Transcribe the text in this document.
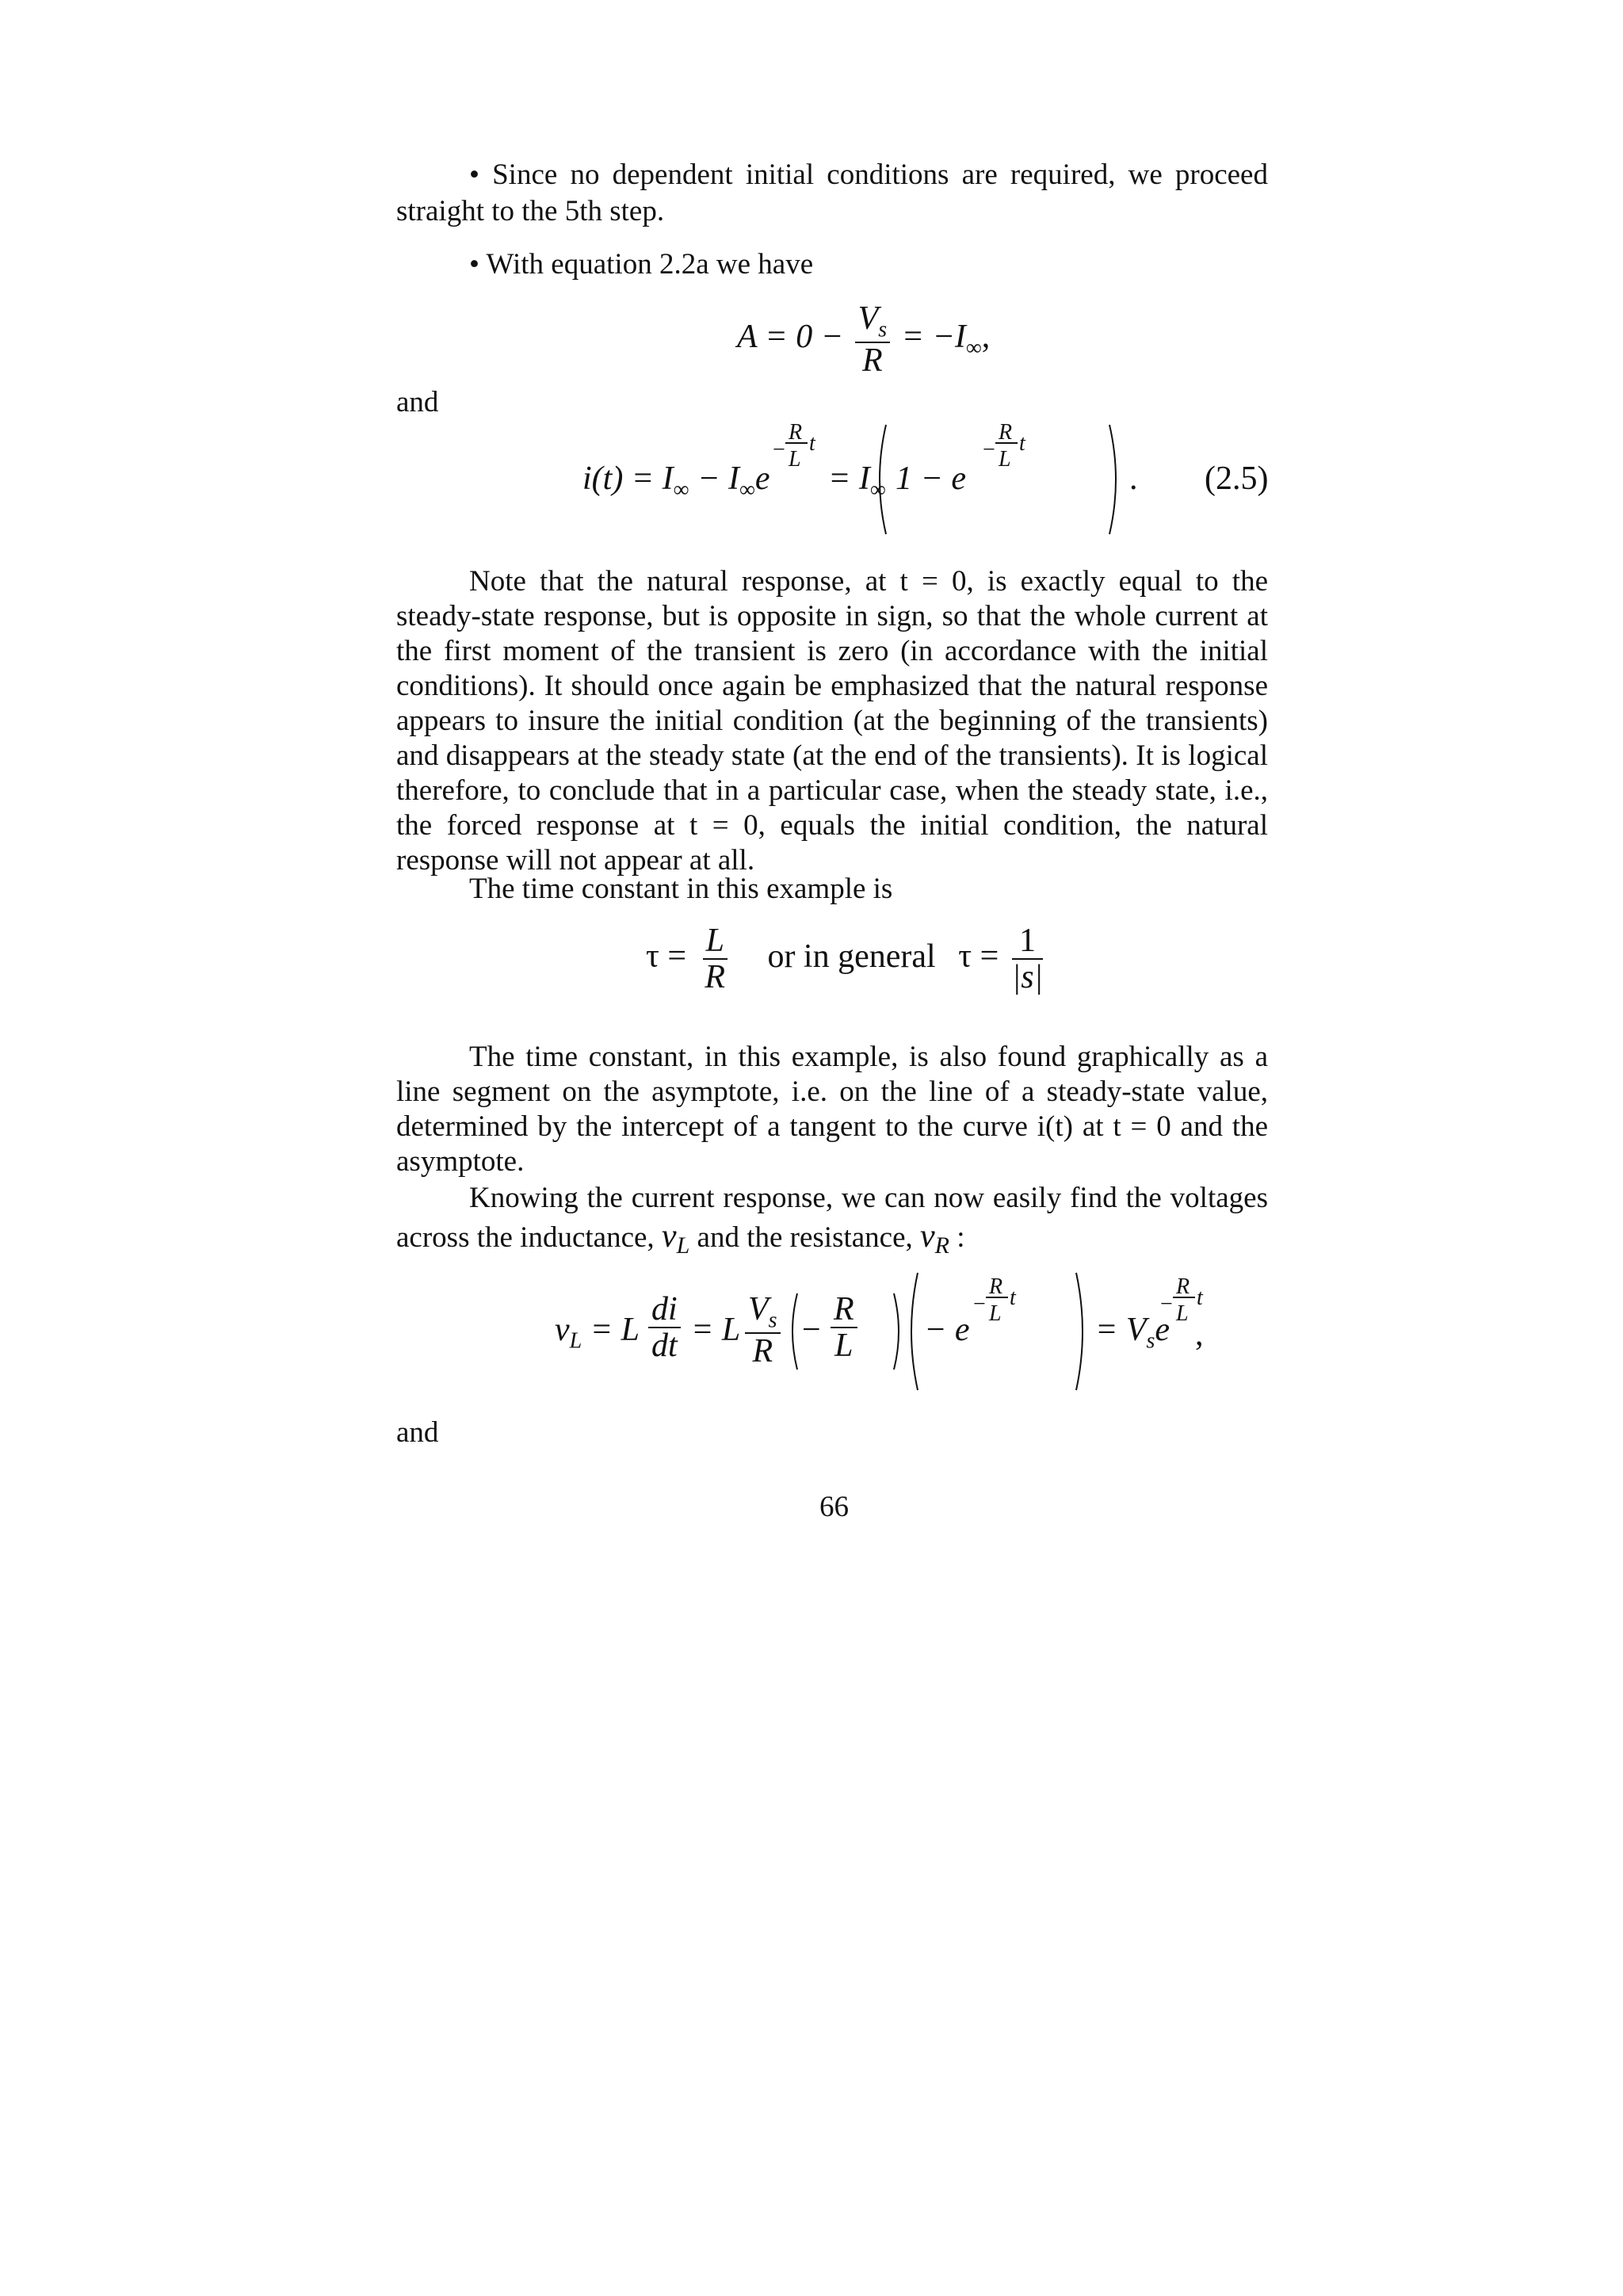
• Since no dependent initial conditions are required, we proceed straight to the 5th step.

• With equation 2.2a we have

$A = 0 - \frac{V_s}{R} = -I_\infty$,
and
$i(t) = I_\infty - I_\infty e$
R
− t
L
= $I_\infty$ 1 − e
R
− t
L
. (2.5)

Note that the natural response, at t = 0, is exactly equal to the steady-state response, but is opposite in sign, so that the whole current at the first moment of the transient is zero (in accordance with the initial conditions). It should once again be emphasized that the natural response appears to insure the initial condition (at the beginning of the transients) and disappears at the steady state (at the end of the transients). It is logical therefore, to conclude that in a particular case, when the steady state, i.e., the forced response at t = 0, equals the initial condition, the natural response will not appear at all.

The time constant in this example is

$\tau = \frac{L}{R}$ or in general $\tau = \frac{1}{|s|}$

The time constant, in this example, is also found graphically as a line segment on the asymptote, i.e. on the line of a steady-state value, determined by the intercept of a tangent to the curve i(t) at t = 0 and the asymptote.

Knowing the current response, we can now easily find the voltages across the inductance, $v_L$ and the resistance, $v_R$ :

$v_L = L \frac{di}{dt} = L \frac{V_s}{R} - \frac{R}{L} - e$
R
− t
L	= $V_se$
R
− t
L
,
and
66
